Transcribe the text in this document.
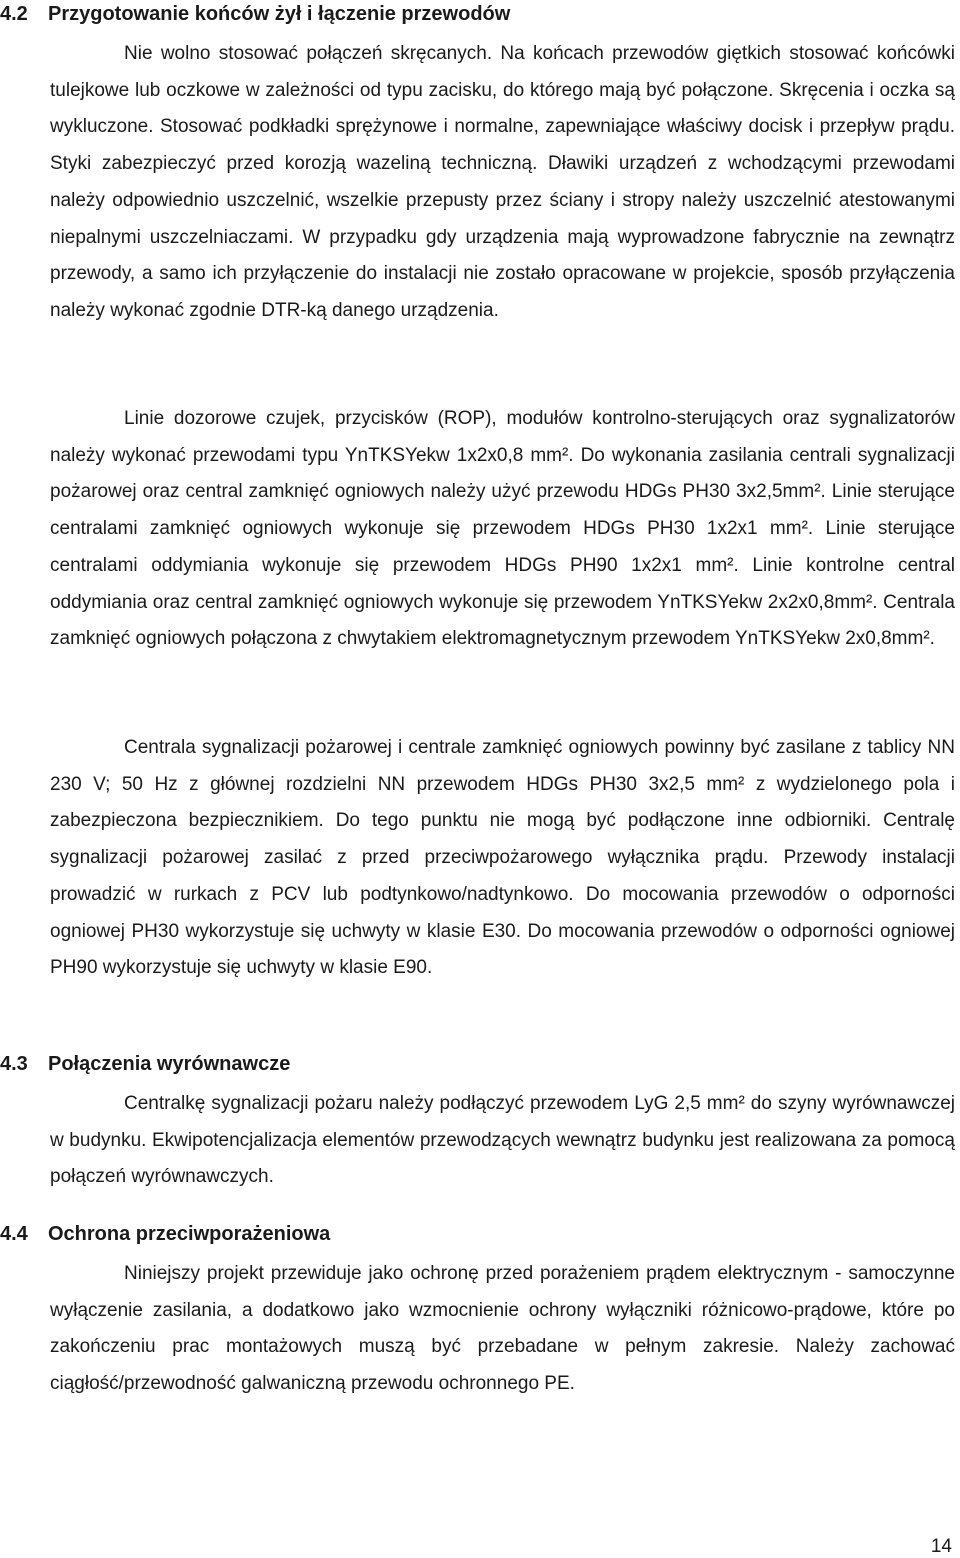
4.2 Przygotowanie końców żył i łączenie przewodów

Nie wolno stosować połączeń skręcanych. Na końcach przewodów giętkich stosować końcówki tulejkowe lub oczkowe w zależności od typu zacisku, do którego mają być połączone. Skręcenia i oczka są wykluczone. Stosować podkładki sprężynowe i normalne, zapewniające właściwy docisk i przepływ prądu. Styki zabezpieczyć przed korozją wazeliną techniczną. Dławiki urządzeń z wchodzącymi przewodami należy odpowiednio uszczelnić, wszelkie przepusty przez ściany i stropy należy uszczelnić atestowanymi niepalnymi uszczelniaczami. W przypadku gdy urządzenia mają wyprowadzone fabrycznie na zewnątrz przewody, a samo ich przyłączenie do instalacji nie zostało opracowane w projekcie, sposób przyłączenia należy wykonać zgodnie DTR-ką danego urządzenia.

Linie dozorowe czujek, przycisków (ROP), modułów kontrolno-sterujących oraz sygnalizatorów należy wykonać przewodami typu YnTKSYekw 1x2x0,8 mm². Do wykonania zasilania centrali sygnalizacji pożarowej oraz central zamknięć ogniowych należy użyć przewodu HDGs PH30 3x2,5mm². Linie sterujące centralami zamknięć ogniowych wykonuje się przewodem HDGs PH30 1x2x1 mm². Linie sterujące centralami oddymiania wykonuje się przewodem HDGs PH90 1x2x1 mm². Linie kontrolne central oddymiania oraz central zamknięć ogniowych wykonuje się przewodem YnTKSYekw 2x2x0,8mm². Centrala zamknięć ogniowych połączona z chwytakiem elektromagnetycznym przewodem YnTKSYekw 2x0,8mm².

Centrala sygnalizacji pożarowej i centrale zamknięć ogniowych powinny być zasilane z tablicy NN 230 V; 50 Hz z głównej rozdzielni NN przewodem HDGs PH30 3x2,5 mm² z wydzielonego pola i zabezpieczona bezpiecznikiem. Do tego punktu nie mogą być podłączone inne odbiorniki. Centralę sygnalizacji pożarowej zasilać z przed przeciwpożarowego wyłącznika prądu. Przewody instalacji prowadzić w rurkach z PCV lub podtynkowo/nadtynkowo. Do mocowania przewodów o odporności ogniowej PH30 wykorzystuje się uchwyty w klasie E30. Do mocowania przewodów o odporności ogniowej PH90 wykorzystuje się uchwyty w klasie E90.

4.3 Połączenia wyrównawcze

Centralkę sygnalizacji pożaru należy podłączyć przewodem LyG 2,5 mm² do szyny wyrównawczej w budynku. Ekwipotencjalizacja elementów przewodzących wewnątrz budynku jest realizowana za pomocą połączeń wyrównawczych.

4.4 Ochrona przeciwporażeniowa

Niniejszy projekt przewiduje jako ochronę przed porażeniem prądem elektrycznym - samoczynne wyłączenie zasilania, a dodatkowo jako wzmocnienie ochrony wyłączniki różnicowo-prądowe, które po zakończeniu prac montażowych muszą być przebadane w pełnym zakresie. Należy zachować ciągłość/przewodność galwaniczną przewodu ochronnego PE.

14
